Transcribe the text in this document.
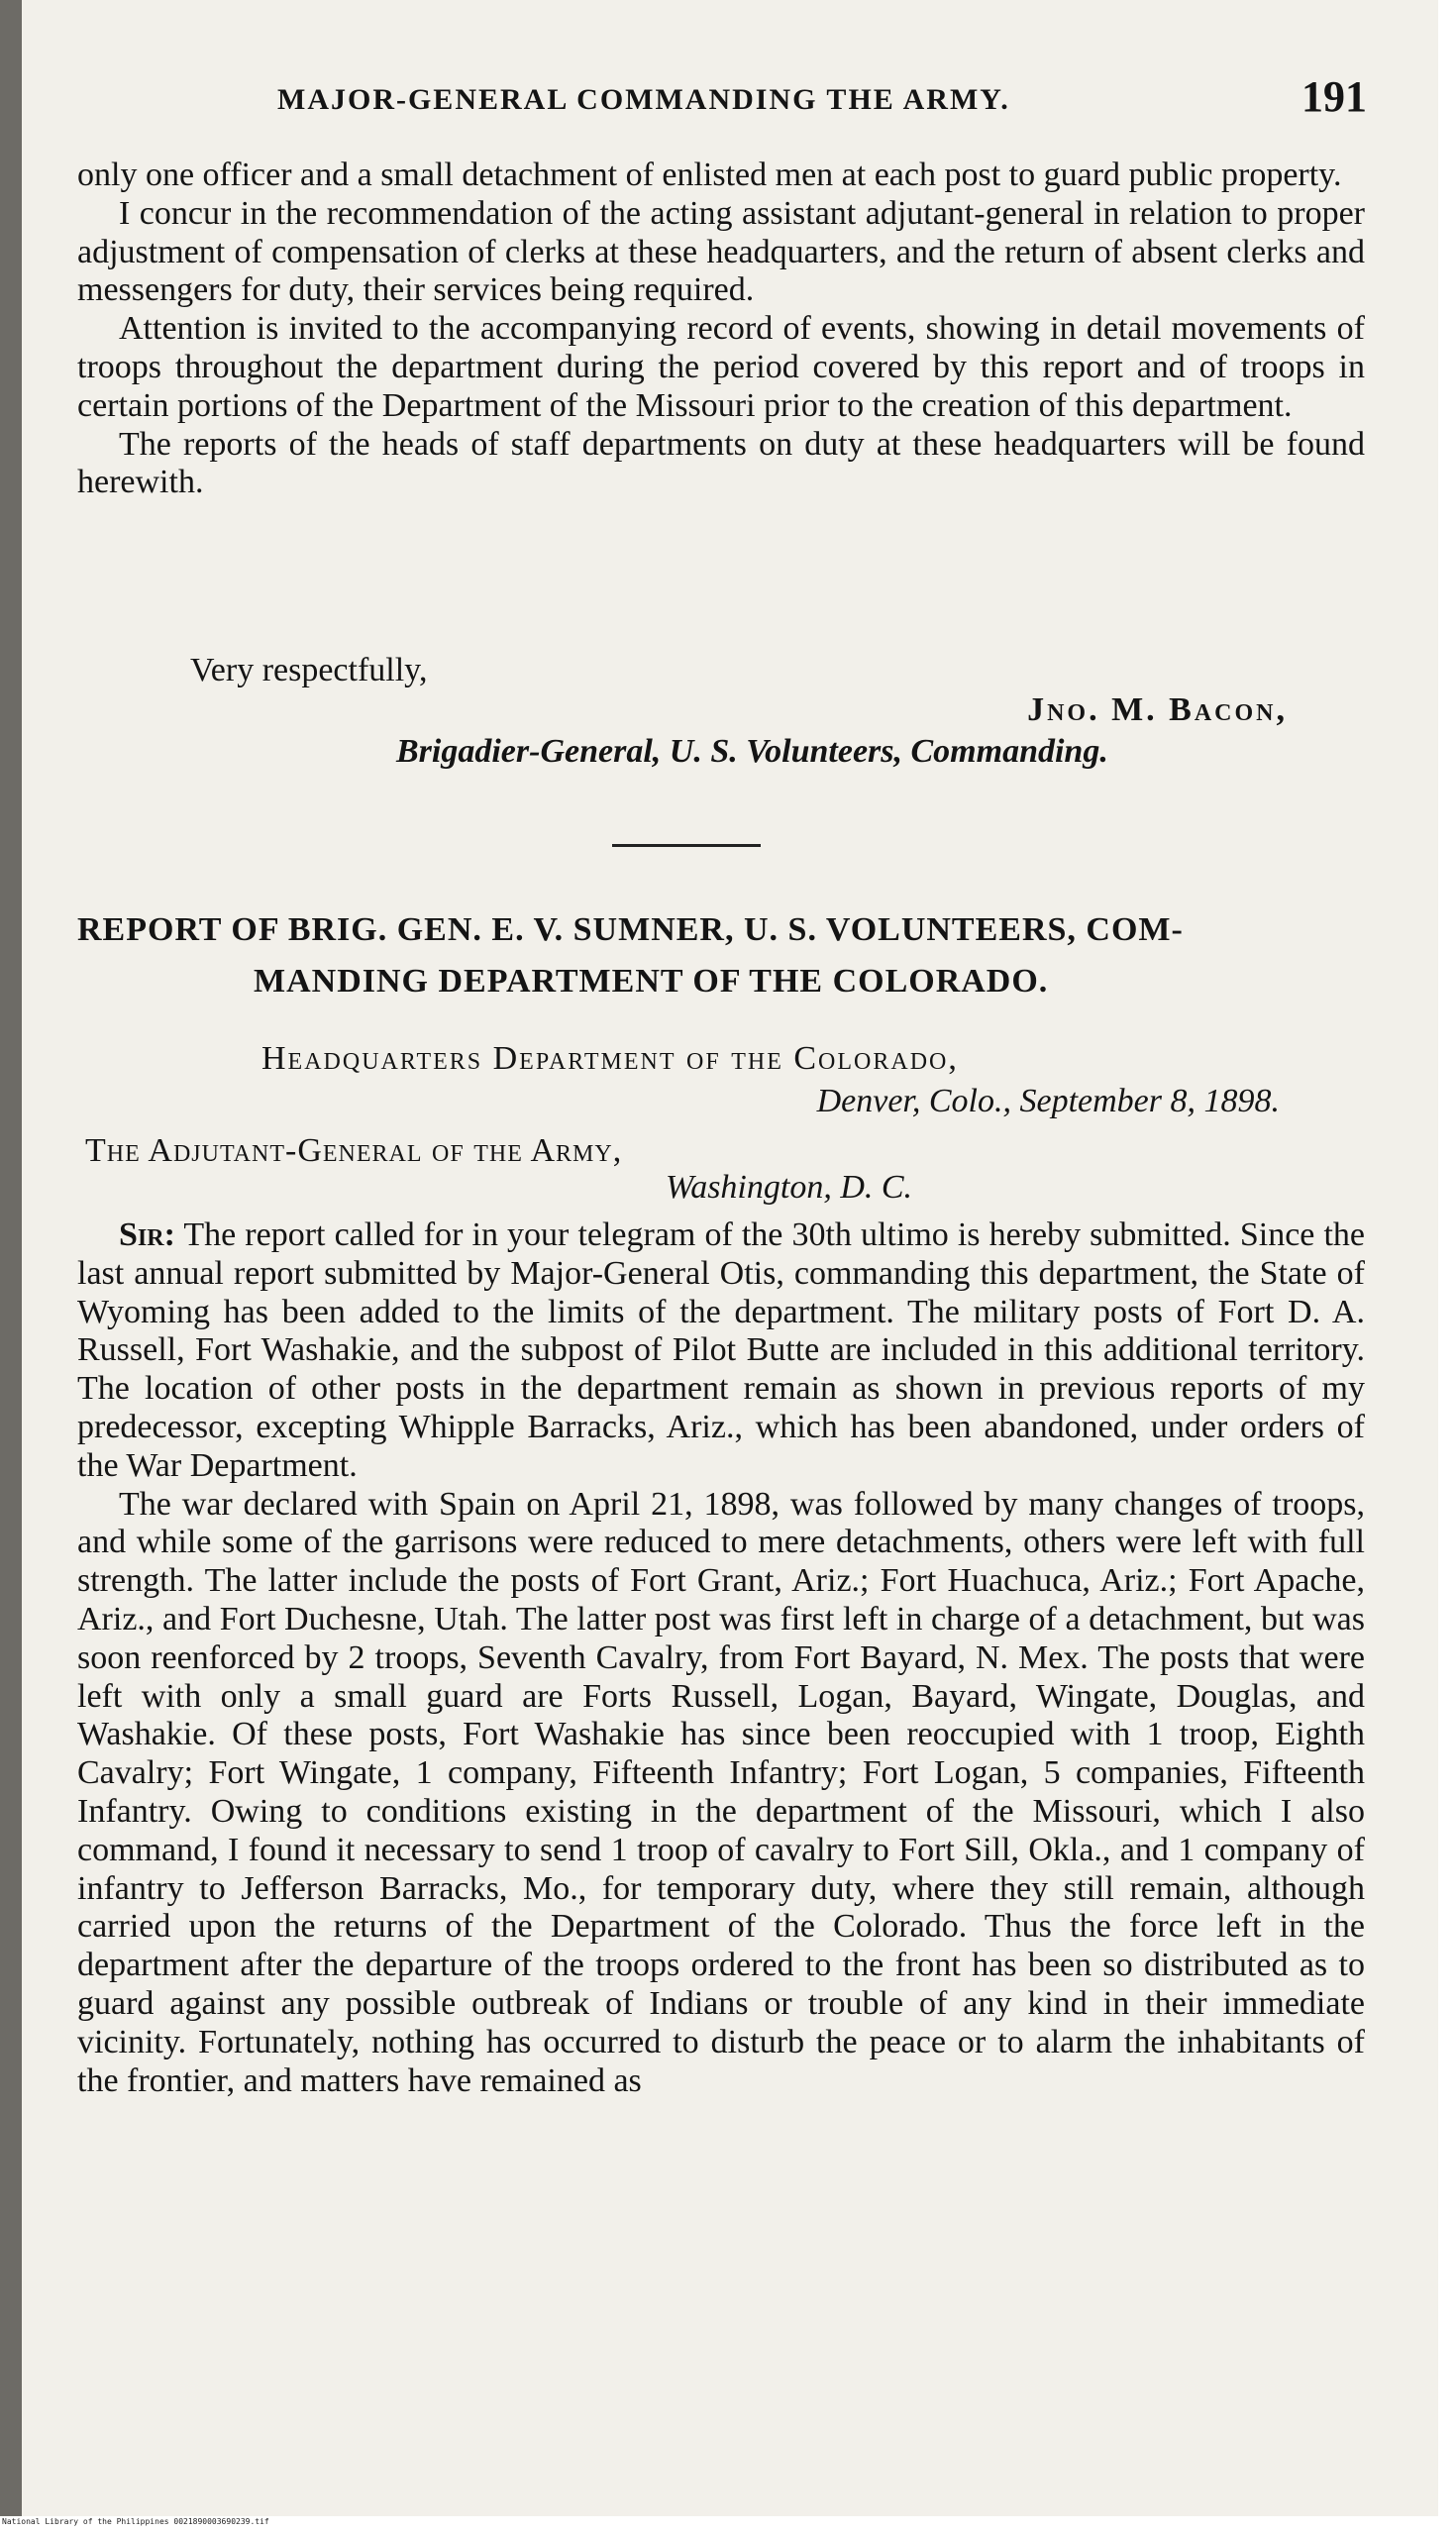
MAJOR-GENERAL COMMANDING THE ARMY.	191

only one officer and a small detachment of enlisted men at each post to guard public property.

I concur in the recommendation of the acting assistant adjutant-general in relation to proper adjustment of compensation of clerks at these headquarters, and the return of absent clerks and messengers for duty, their services being required.

Attention is invited to the accompanying record of events, showing in detail movements of troops throughout the department during the period covered by this report and of troops in certain portions of the Department of the Missouri prior to the creation of this department.

The reports of the heads of staff departments on duty at these headquarters will be found herewith.

Very respectfully,
Jno. M. Bacon,
Brigadier-General, U. S. Volunteers, Commanding.
REPORT OF BRIG. GEN. E. V. SUMNER, U. S. VOLUNTEERS, COM-
MANDING DEPARTMENT OF THE COLORADO.
Headquarters Department of the Colorado,
Denver, Colo., September 8, 1898.
The Adjutant-General of the Army,
Washington, D. C.

Sir: The report called for in your telegram of the 30th ultimo is hereby submitted. Since the last annual report submitted by Major-General Otis, commanding this department, the State of Wyoming has been added to the limits of the department. The military posts of Fort D. A. Russell, Fort Washakie, and the subpost of Pilot Butte are included in this additional territory. The location of other posts in the department remain as shown in previous reports of my predecessor, excepting Whipple Barracks, Ariz., which has been abandoned, under orders of the War Department.

The war declared with Spain on April 21, 1898, was followed by many changes of troops, and while some of the garrisons were reduced to mere detachments, others were left with full strength. The latter include the posts of Fort Grant, Ariz.; Fort Huachuca, Ariz.; Fort Apache, Ariz., and Fort Duchesne, Utah. The latter post was first left in charge of a detachment, but was soon reenforced by 2 troops, Seventh Cavalry, from Fort Bayard, N. Mex. The posts that were left with only a small guard are Forts Russell, Logan, Bayard, Wingate, Douglas, and Washakie. Of these posts, Fort Washakie has since been reoccupied with 1 troop, Eighth Cavalry; Fort Wingate, 1 company, Fifteenth Infantry; Fort Logan, 5 companies, Fifteenth Infantry. Owing to conditions existing in the department of the Missouri, which I also command, I found it necessary to send 1 troop of cavalry to Fort Sill, Okla., and 1 company of infantry to Jefferson Barracks, Mo., for temporary duty, where they still remain, although carried upon the returns of the Department of the Colorado. Thus the force left in the department after the departure of the troops ordered to the front has been so distributed as to guard against any possible outbreak of Indians or trouble of any kind in their immediate vicinity. Fortunately, nothing has occurred to disturb the peace or to alarm the inhabitants of the frontier, and matters have remained as

National Library of the Philippines 0021890003690239.tif
